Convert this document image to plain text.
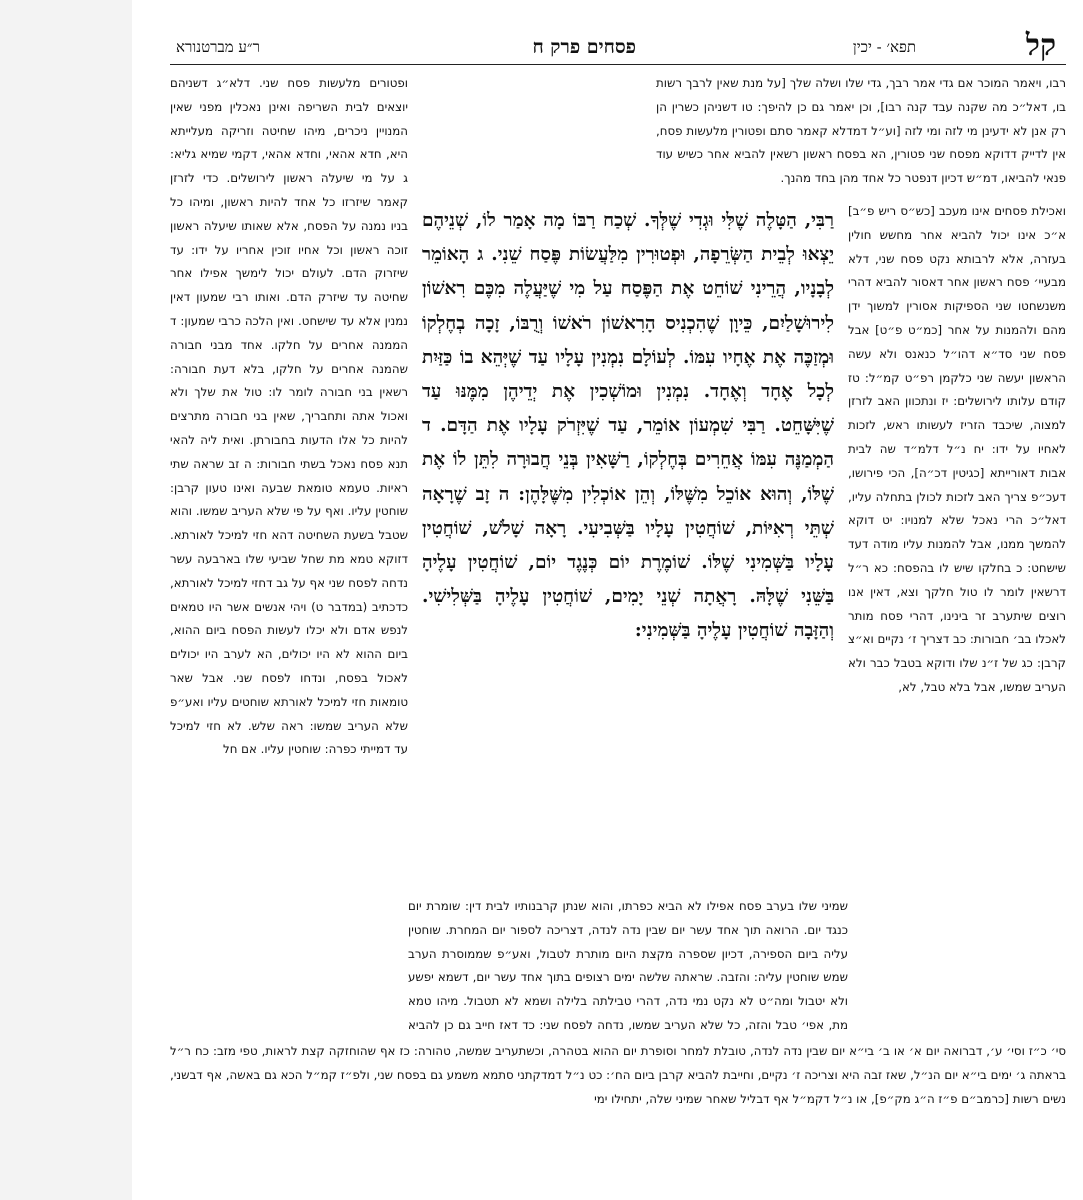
קל
תפא׳ - יכין
פסחים פרק ח
ר״ע מברטנורא
רבו, ויאמר המוכר אם גדי אמר רבך, גדי שלו ושלה שלך [על מנת שאין לרבך רשות בו, דאל״כ מה שקנה עבד קנה רבו], וכן יאמר גם כן להיפך: טו דשניהן כשרין הן רק אנן לא ידעינן מי לזה ומי לזה [וע״ל דמדלא קאמר סתם ופטורין מלעשות פסח, אין לדייק דדוקא מפסח שני פטורין, הא בפסח ראשון רשאין להביא אחר כשיש עוד פנאי להביאו, דמ״ש דכיון דנפטר כל אחד מהן בחד מהנך.
ואכילת פסחים אינו מעכב [כש״ס ריש פ״ב] א״כ אינו יכול להביא אחר מחשש חולין בעזרה, אלא לרבותא נקט פסח שני, דלא מבעיי׳ פסח ראשון אחר דאסור להביא דהרי משנשחטו שני הספיקות אסורין למשוך ידן מהם ולהמנות על אחר [כמ״ט פ״ט] אבל פסח שני סד״א דהו״ל כנאנס ולא עשה הראשון יעשה שני כלקמן רפ״ט קמ״ל: טז קודם עלותו לירושלים: יז ונתכוון האב לזרזן למצוה, שיכבד הזריז לעשותו ראש, לזכות לאחיו על ידו: יח נ״ל דלמ״ד שה לבית אבות דאורייתא [כגיטין דכ״ה], הכי פירושו, דעכ״פ צריך האב לזכות לכולן בתחלה עליו, דאל״כ הרי נאכל שלא למנויו: יט דוקא להמשך ממנו, אבל להמנות עליו מודה דעד שישחט: כ בחלקו שיש לו בהפסח: כא ר״ל דרשאין לומר לו טול חלקך וצא, דאין אנו רוצים שיתערב זר בינינו, דהרי פסח מותר לאכלו בב׳ חבורות: כב דצריך ז׳ נקיים וא״צ קרבן: כג של ז״נ שלו ודוקא בטבל כבר ולא העריב שמשו, אבל בלא טבל, לא,
ופטורים מלעשות פסח שני. דלא״ג דשניהם יוצאים לבית השריפה ואינן נאכלין מפני שאין המנויין ניכרים, מיהו שחיטה וזריקה מעלייתא היא, חדא אהאי, וחדא אהאי, דקמי שמיא גליא: ג על מי שיעלה ראשון לירושלים. כדי לזרזן קאמר שיזרזו כל אחד להיות ראשון, ומיהו כל בניו נמנה על הפסח, אלא שאותו שיעלה ראשון זוכה ראשון וכל אחיו זוכין אחריו על ידו: עד שיזרוק הדם. לעולם יכול לימשך אפילו אחר שחיטה עד שיזרק הדם. ואותו רבי שמעון דאין נמנין אלא עד שישחט. ואין הלכה כרבי שמעון: ד הממנה אחרים על חלקו. אחד מבני חבורה שהמנה אחרים על חלקו, בלא דעת חבורה: רשאין בני חבורה לומר לו: טול את שלך ולא ואכול אתה ותחבריך, שאין בני חבורה מתרצים להיות כל אלו הדעות בחבורתן. ואית ליה להאי תנא פסח נאכל בשתי חבורות: ה זב שראה שתי ראיות. טעמא טומאת שבעה ואינו טעון קרבן: שוחטין עליו. ואף על פי שלא העריב שמשו. והוא שטבל בשעת השחיטה דהא חזי למיכל לאורתא. דזוקא טמא מת שחל שביעי שלו בארבעה עשר נדחה לפסח שני אף על גב דחזי למיכל לאורתא, כדכתיב (במדבר ט) ויהי אנשים אשר היו טמאים לנפש אדם ולא יכלו לעשות הפסח ביום ההוא, ביום ההוא לא היו יכולים, הא לערב היו יכולים לאכול בפסח, ונדחו לפסח שני. אבל שאר טומאות חזי למיכל לאורתא שוחטים עליו ואע״פ שלא העריב שמשו: ראה שלש. לא חזי למיכל עד דמייתי כפרה: שוחטין עליו. אם חל
רַבִּי, הַטָּלֶה שֶׁלִּי וּגְדִי שֶׁלְּךָ. שְׁכַח רַבּוֹ מָה אָמַר לוֹ, שְׁנֵיהֶם יֵצְאוּ לְבֵית הַשְּׂרֵפָה, וּפְטוּרִין מִלַּעֲשׂוֹת פֶּסַח שֵׁנִי. ג הָאוֹמֵר לְבָנָיו, הֲרֵינִי שׁוֹחֵט אֶת הַפֶּסַח עַל מִי שֶׁיַּעֲלֶה מִכֶּם רִאשׁוֹן לִירוּשָׁלַיִם, כֵּיוָן שֶׁהִכְנִיס הָרִאשׁוֹן רֹאשׁוֹ וְרֻבּוֹ, זָכָה בְחֶלְקוֹ וּמְזַכֶּה אֶת אֶחָיו עִמּוֹ. לְעוֹלָם נִמְנִין עָלָיו עַד שֶׁיְּהֵא בוֹ כַּזַּיִת לְכָל אֶחָד וְאֶחָד. נִמְנִין וּמוֹשְׁכִין אֶת יְדֵיהֶן מִמֶּנּוּ עַד שֶׁיִּשָּׁחֵט. רַבִּי שִׁמְעוֹן אוֹמֵר, עַד שֶׁיִּזְרֹק עָלָיו אֶת הַדָּם. ד הַמְמַנֶּה עִמּוֹ אֲחֵרִים בְּחֶלְקוֹ, רַשָּׁאִין בְּנֵי חֲבוּרָה לִתֵּן לוֹ אֶת שֶׁלּוֹ, וְהוּא אוֹכֵל מִשֶּׁלּוֹ, וְהֵן אוֹכְלִין מִשֶּׁלָּהֶן: ה זָב שֶׁרָאָה שְׁתֵּי רְאִיּוֹת, שׁוֹחֲטִין עָלָיו בַּשְּׁבִיעִי. רָאָה שָׁלֹשׁ, שׁוֹחֲטִין עָלָיו בַּשְּׁמִינִי שֶׁלּוֹ. שׁוֹמֶרֶת יוֹם כְּנֶגֶד יוֹם, שׁוֹחֲטִין עָלֶיהָ בַּשֵּׁנִי שֶׁלָּהּ. רָאֲתָה שְׁנֵי יָמִים, שׁוֹחֲטִין עָלֶיהָ בַּשְּׁלִישִׁי. וְהַזָּבָה שׁוֹחֲטִין עָלֶיהָ בַּשְּׁמִינִי:
שמיני שלו בערב פסח אפילו לא הביא כפרתו, והוא שנתן קרבנותיו לבית דין: שומרת יום כנגד יום. הרואה תוך אחד עשר יום שבין נדה לנדה, דצריכה לספור יום המחרת. שוחטין עליה ביום הספירה, דכיון שספרה מקצת היום מותרת לטבול, ואע״פ שממוסרת הערב שמש שוחטין עליה: והזבה. שראתה שלשה ימים רצופים בתוך אחד עשר יום, דשמא יפשע ולא יטבול ומה״ט לא נקט נמי נדה, דהרי טבילתה בלילה ושמא לא תטבול. מיהו טמא מת, אפי׳ טבל והזה, כל שלא העריב שמשו, נדחה לפסח שני: כד דאז חייב גם כן להביא
סי׳ כ״ז וסי׳ ע׳, דברואה יום א׳ או ב׳ בי״א יום שבין נדה לנדה, טובלת למחר וסופרת יום ההוא בטהרה, וכשתעריב שמשה, טהורה: כז אף שהוחזקה קצת לראות, טפי מזב: כח ר״ל בראתה ג׳ ימים בי״א יום הנ״ל, שאז זבה היא וצריכה ז׳ נקיים, וחייבת להביא קרבן ביום הח׳: כט נ״ל דמדקתני סתמא משמע גם בפסח שני, ולפ״ז קמ״ל הכא גם באשה, אף דבשני, נשים רשות [כרמב״ם פ״ז ה״ג מק״פ], או נ״ל דקמ״ל אף דבליל שאחר שמיני שלה, יתחילו ימי
